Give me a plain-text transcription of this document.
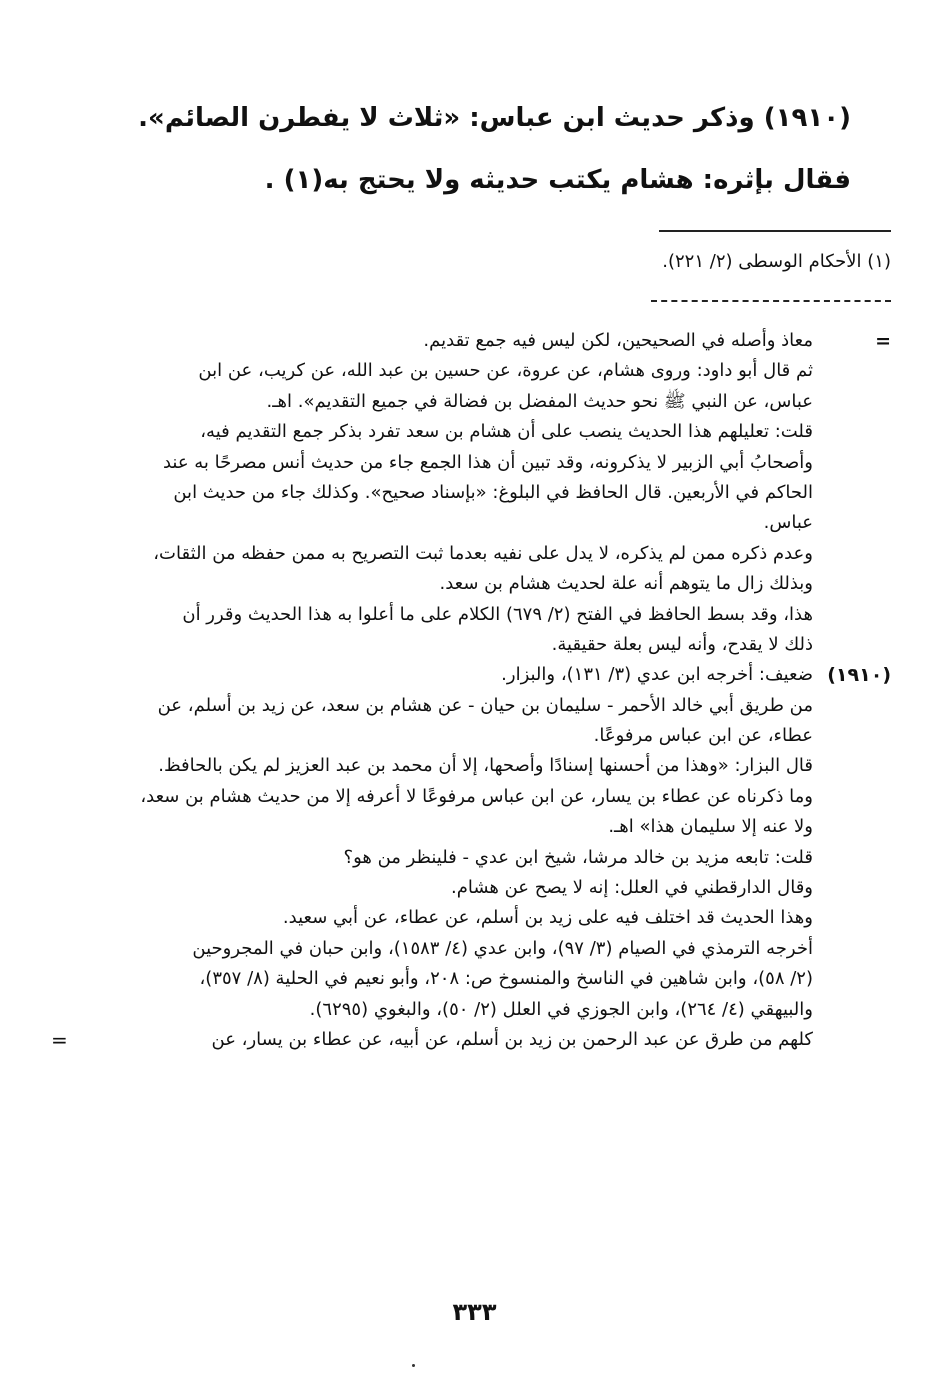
(١٩١٠) وذكر حديث ابن عباس: «ثلاث لا يفطرن الصائم».
فقال بإثره: هشام يكتب حديثه ولا يحتج به(١) .
(١) الأحكام الوسطى (٢/ ٢٢١).
=
معاذ وأصله في الصحيحين، لكن ليس فيه جمع تقديم.
ثم قال أبو داود: وروى هشام، عن عروة، عن حسين بن عبد الله، عن كريب، عن ابن
عباس، عن النبي ﷺ نحو حديث المفضل بن فضالة في جميع التقديم». اهـ.
قلت: تعليلهم هذا الحديث ينصب على أن هشام بن سعد تفرد بذكر جمع التقديم فيه،
وأصحابُ أبي الزبير لا يذكرونه، وقد تبين أن هذا الجمع جاء من حديث أنس مصرحًا به عند
الحاكم في الأربعين. قال الحافظ في البلوغ: «بإسناد صحيح». وكذلك جاء من حديث ابن
عباس.
وعدم ذكره ممن لم يذكره، لا يدل على نفيه بعدما ثبت التصريح به ممن حفظه من الثقات،
وبذلك زال ما يتوهم أنه علة لحديث هشام بن سعد.
هذا، وقد بسط الحافظ في الفتح (٢/ ٦٧٩) الكلام على ما أعلوا به هذا الحديث وقرر أن
ذلك لا يقدح، وأنه ليس بعلة حقيقية.
(١٩١٠)
ضعيف: أخرجه ابن عدي (٣/ ١٣١)، والبزار.
من طريق أبي خالد الأحمر - سليمان بن حيان - عن هشام بن سعد، عن زيد بن أسلم، عن
عطاء، عن ابن عباس مرفوعًا.
قال البزار: «وهذا من أحسنها إسنادًا وأصحها، إلا أن محمد بن عبد العزيز لم يكن بالحافظ.
وما ذكرناه عن عطاء بن يسار، عن ابن عباس مرفوعًا لا أعرفه إلا من حديث هشام بن سعد،
ولا عنه إلا سليمان هذا» اهـ.
قلت: تابعه مزيد بن خالد مرشا، شيخ ابن عدي - فلينظر من هو؟
وقال الدارقطني في العلل: إنه لا يصح عن هشام.
وهذا الحديث قد اختلف فيه على زيد بن أسلم، عن عطاء، عن أبي سعيد.
أخرجه الترمذي في الصيام (٣/ ٩٧)، وابن عدي (٤/ ١٥٨٣)، وابن حبان في المجروحين
(٢/ ٥٨)، وابن شاهين في الناسخ والمنسوخ ص: ٢٠٨، وأبو نعيم في الحلية (٨/ ٣٥٧)،
والبيهقي (٤/ ٢٦٤)، وابن الجوزي في العلل (٢/ ٥٠)، والبغوي (٦٢٩٥).
كلهم من طرق عن عبد الرحمن بن زيد بن أسلم، عن أبيه، عن عطاء بن يسار، عن
=
٣٣٣
